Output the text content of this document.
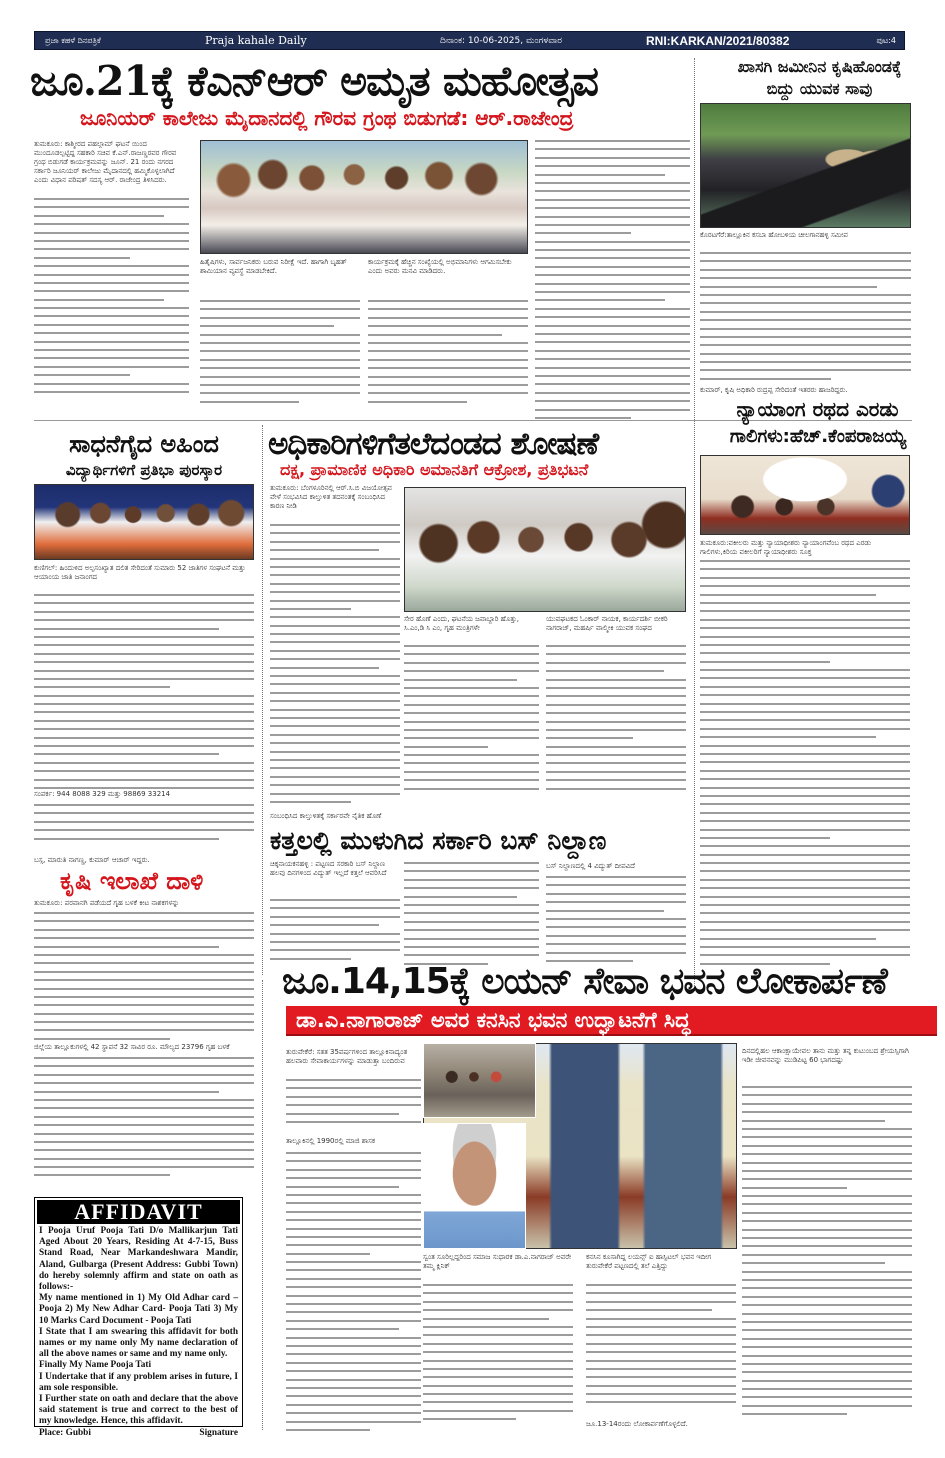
ಪ್ರಜಾ ಕಹಳೆ ದಿನಪತ್ರಿಕೆ	Praja kahale Daily	ದಿನಾಂಕ: 10-06-2025, ಮಂಗಳವಾರ	RNI:KARKAN/2021/80382	ಪುಟ:4
ಜೂ.21ಕ್ಕೆ ಕೆಎನ್ಆರ್ ಅಮೃತ ಮಹೋತ್ಸವ
ಜೂನಿಯರ್ ಕಾಲೇಜು ಮೈದಾನದಲ್ಲಿ ಗೌರವ ಗ್ರಂಥ ಬಿಡುಗಡೆ: ಆರ್.ರಾಜೇಂದ್ರ
ತುಮಕೂರು: ಕಾಶ್ಮೀರದ ಪಹಲ್ಗಾಮ್ ಘಟನೆ ಯಿಂದ ಮುಂದೂಡಲ್ಪಟ್ಟಿದ್ದ ಸಹಕಾರಿ ಸಚಿವ ಕೆ.ಎನ್.ರಾಜಣ್ಣರವರ ಗೌರವ ಗ್ರಂಥ ಬಿಡುಗಡೆ ಕಾರ್ಯಕ್ರಮವನ್ನು ಜೂನ್. 21 ರಂದು ನಗರದ ಸರ್ಕಾರಿ ಜೂನಿಯರ್ ಕಾಲೇಜು ಮೈದಾನದಲ್ಲಿ ಹಮ್ಮಿಕೊಳ್ಳಲಾಗಿದೆ ಎಂದು ವಿಧಾನ ಪರಿಷತ್ ಸದಸ್ಯ ಆರ್. ರಾಜೇಂದ್ರ ತಿಳಿಸಿದರು.
ಹಿತೈಷಿಗಳು, ಸಾರ್ವಜನಿಕರು ಬರುವ ನಿರೀಕ್ಷೆ ಇದೆ. ಹಾಗಾಗಿ ಬೃಹತ್ ಶಾಮಿಯಾನ ವ್ಯವಸ್ಥೆ ಮಾಡಬೇಕಿದೆ.
ಕಾರ್ಯಕ್ರಮಕ್ಕೆ ಹೆಚ್ಚಿನ ಸಂಖ್ಯೆಯಲ್ಲಿ ಅಭಿಮಾನಿಗಳು ಆಗಮಿಸಬೇಕು ಎಂದು ಅವರು ಮನವಿ ಮಾಡಿದರು.
ಖಾಸಗಿ ಜಮೀನಿನ ಕೃಷಿಹೊಂಡಕ್ಕೆ
ಬಿದ್ದು ಯುವಕ ಸಾವು
ಕೊರಟಗೆರೆ:ತಾಲ್ಲೂಕಿನ ಕಸಬಾ ಹೋಬಳಿಯ ಚೀಲಗಾನಹಳ್ಳಿ ಸಮೀಪ
ಕುಮಾರ್, ಕೃಷಿ ಅಧಿಕಾರಿ ರುದ್ರಪ್ಪ ಸೇರಿದಂತೆ ಇತರರು ಹಾಜರಿದ್ದರು.
ನ್ಯಾಯಾಂಗ ರಥದ ಎರಡು
ಗಾಲಿಗಳು:ಹೆಚ್.ಕೆಂಪರಾಜಯ್ಯ
ತುಮಕೂರು:ವಕೀಲರು ಮತ್ತು ನ್ಯಾಯಾಧೀಶರು ನ್ಯಾಯಾಂಗವೆಂಬ ರಥದ ಎರಡು ಗಾಲಿಗಳು,ಕಿರಿಯ ವಕೀಲರಿಗೆ ನ್ಯಾಯಾಧೀಶರು ಸೂಕ್ತ
ಸಾಧನೆಗೈದ ಅಹಿಂದ
ವಿದ್ಯಾರ್ಥಿಗಳಿಗೆ ಪ್ರತಿಭಾ ಪುರಸ್ಕಾರ
ಕುಣಿಗಲ್: ಹಿಂದುಳಿದ ಅಲ್ಪಸಂಖ್ಯಾತ ದಲಿತ ಸೇರಿದಂತೆ ಸುಮಾರು 52 ಜಾತಿಗಳ ಸಂಘಟನೆ ಮತ್ತು ಆಯಾಂಯ ಜಾತಿ ಜನಾಂಗದ
ಸಂಪರ್ಕ: 944 8088 329 ಮತ್ತು 98869 33214
ಬಸ್ಸ, ಮಾರುತಿ ನಾಗಣ್ಣ, ಕುಮಾರ್ ಆಚಾರ್ ಇದ್ದರು.
ಅಧಿಕಾರಿಗಳಿಗೆತಲೆದಂಡದ ಶೋಷಣೆ
ದಕ್ಷ, ಪ್ರಾಮಾಣಿಕ ಅಧಿಕಾರಿ ಅಮಾನತಿಗೆ ಆಕ್ರೋಶ, ಪ್ರತಿಭಟನೆ
ತುಮಕೂರು: ಬೆಂಗಳೂರಿನಲ್ಲಿ ಆರ್.ಸಿ.ಬಿ ವಿಜಯೋತ್ಸವ ವೇಳೆ ಸಂಭವಿಸಿದ ಕಾಲ್ತುಳಿತ ತದನಂತಕ್ಕೆ ಸಂಬಂಧಿಸಿದ ಕಾರಣ ನೀಡಿ
ಸೇರ ಹೊಣೆ ಎಂದು, ಘಟನೆಯ ಜವಾಬ್ದಾರಿ ಹೊತ್ತು, ಸಿ.ಎಂ,ಡಿ ಸಿ ಎಂ, ಗೃಹ ಮಂತ್ರಿಗಳೇ
ಯುವಘಟಕದ ಓಂಕಾರ್ ನಾಯಕ, ಕಾರ್ಯದರ್ಶಿ ಬೀಕರಿ ನಾಗರಾಜ್, ಮಹರ್ಷಿ ವಾಲ್ಮೀಕಿ ಯುವಕ ಸಂಘದ
ಸಂಬಂಧಿಸಿದ ಕಾಲ್ತುಳಿತಕ್ಕೆ ಸರ್ಕಾರವೇ ನೈತಿಕ ಹೊಣೆ
ಕತ್ತಲಲ್ಲಿ ಮುಳುಗಿದ ಸರ್ಕಾರಿ ಬಸ್ ನಿಲ್ದಾಣ
ಚಿಕ್ಕನಾಯಕನಹಳ್ಳಿ : ಪಟ್ಟಣದ ಸರಕಾರಿ ಬಸ್ ನಿಲ್ದಾಣ ಹಲವು ದಿನಗಳಿಂದ ವಿದ್ಯುತ್ ಇಲ್ಲದೆ ಕತ್ತಲೆ ಆವರಿಸಿದೆ
ಬಸ್ ನಿಲ್ದಾಣದಲ್ಲಿ 4 ವಿದ್ಯುತ್ ದೀಪವಿದೆ
ಕೃಷಿ ಇಲಾಖೆ ದಾಳಿ
ತುಮಕೂರು: ಪರವಾನಗಿ ಪಡೆಯದೆ ಗೃಹ ಬಳಕೆ ಕೀಟ ನಾಶಕಗಳನ್ನು
ಜಿಲ್ಲೆಯ ತಾಲ್ಲೂಕುಗಳಲ್ಲಿ 42 ಸ್ಥಾಪನೆ 32 ಸಾವಿರ ರೂ. ಮೌಲ್ಯದ 23796 ಗೃಹ ಬಳಕೆ
ಜೂ.14,15ಕ್ಕೆ ಲಯನ್ ಸೇವಾ ಭವನ ಲೋಕಾರ್ಪಣೆ
ಡಾ.ಎ.ನಾಗಾರಾಜ್ ಅವರ ಕನಸಿನ ಭವನ ಉದ್ಘಾಟನೆಗೆ ಸಿದ್ಧ
ತುರುವೇಕೆರೆ: ಸತತ 35ವರ್ಷಗಳಿಂದ ತಾಲ್ಲೂಕಿನಾದ್ಯಂತ ಹಲವಾರು ಸೇವಾಕಾರ್ಯಗಳನ್ನು ಮಾಡುತ್ತಾ ಬಂದಿರುವ
ತಾಲ್ಲೂಕಿನಲ್ಲಿ 1990ರಲ್ಲಿ ಮಾಜಿ ಶಾಸಕ
ಸ್ವಂತ ಸೂರಿಲ್ಲದ್ದರಿಂದ ಸಮಾಜ ಸುಧಾರಕ ಡಾ.ಎ.ನಾಗರಾಜ್ ಅವರೇ ತಮ್ಮ ಕ್ಲಿನಿಕ್
ಕನಸಿನ ಕೂಸಾಗಿದ್ದ ಲಯನ್ಸ್ ಐ ಹಾಸ್ಪಿಟಲ್ ಭವನ ಇದೀಗ ತುರುವೇಕೆರೆ ಪಟ್ಟಣದಲ್ಲಿ ತಲೆ ಎತ್ತಿದ್ದು
ಜೂ.13-14ರಂದು ಲೋಕಾರ್ಪಣೆಗೊಳ್ಳಲಿದೆ.
ದಿನದಲ್ಲಿಹಲ ಆಕಾಂಕ್ಷಾಯೇವಲ ತಾನು ಮತ್ತು ತನ್ನ ಕುಟುಂಬದ ಶ್ರೇಯಸ್ಸಿಗಾಗಿ ಇಡೀ ಜೀವನವನ್ನು ಮುಡಿಪಿಟ್ಟ 60 ಭಾಗದಷ್ಟು
AFFIDAVIT

I Pooja Uruf Pooja Tati D/o Mallikarjun Tati Aged About 20 Years, Residing At 4-7-15, Buss Stand Road, Near Markandeshwara Mandir, Aland, Gulbarga (Present Address: Gubbi Town) do hereby solemnly affirm and state on oath as follows:-

My name mentioned in 1) My Old Adhar card – Pooja 2) My New Adhar Card- Pooja Tati 3) My 10 Marks Card Document - Pooja Tati

I State that I am swearing this affidavit for both names or my name only My name declaration of all the above names or same and my name only.

Finally My Name Pooja Tati

I Undertake that if any problem arises in future, I am sole responsible.

I Further state on oath and declare that the above said statement is true and correct to the best of my knowledge. Hence, this affidavit.

Place: Gubbi	Signature
